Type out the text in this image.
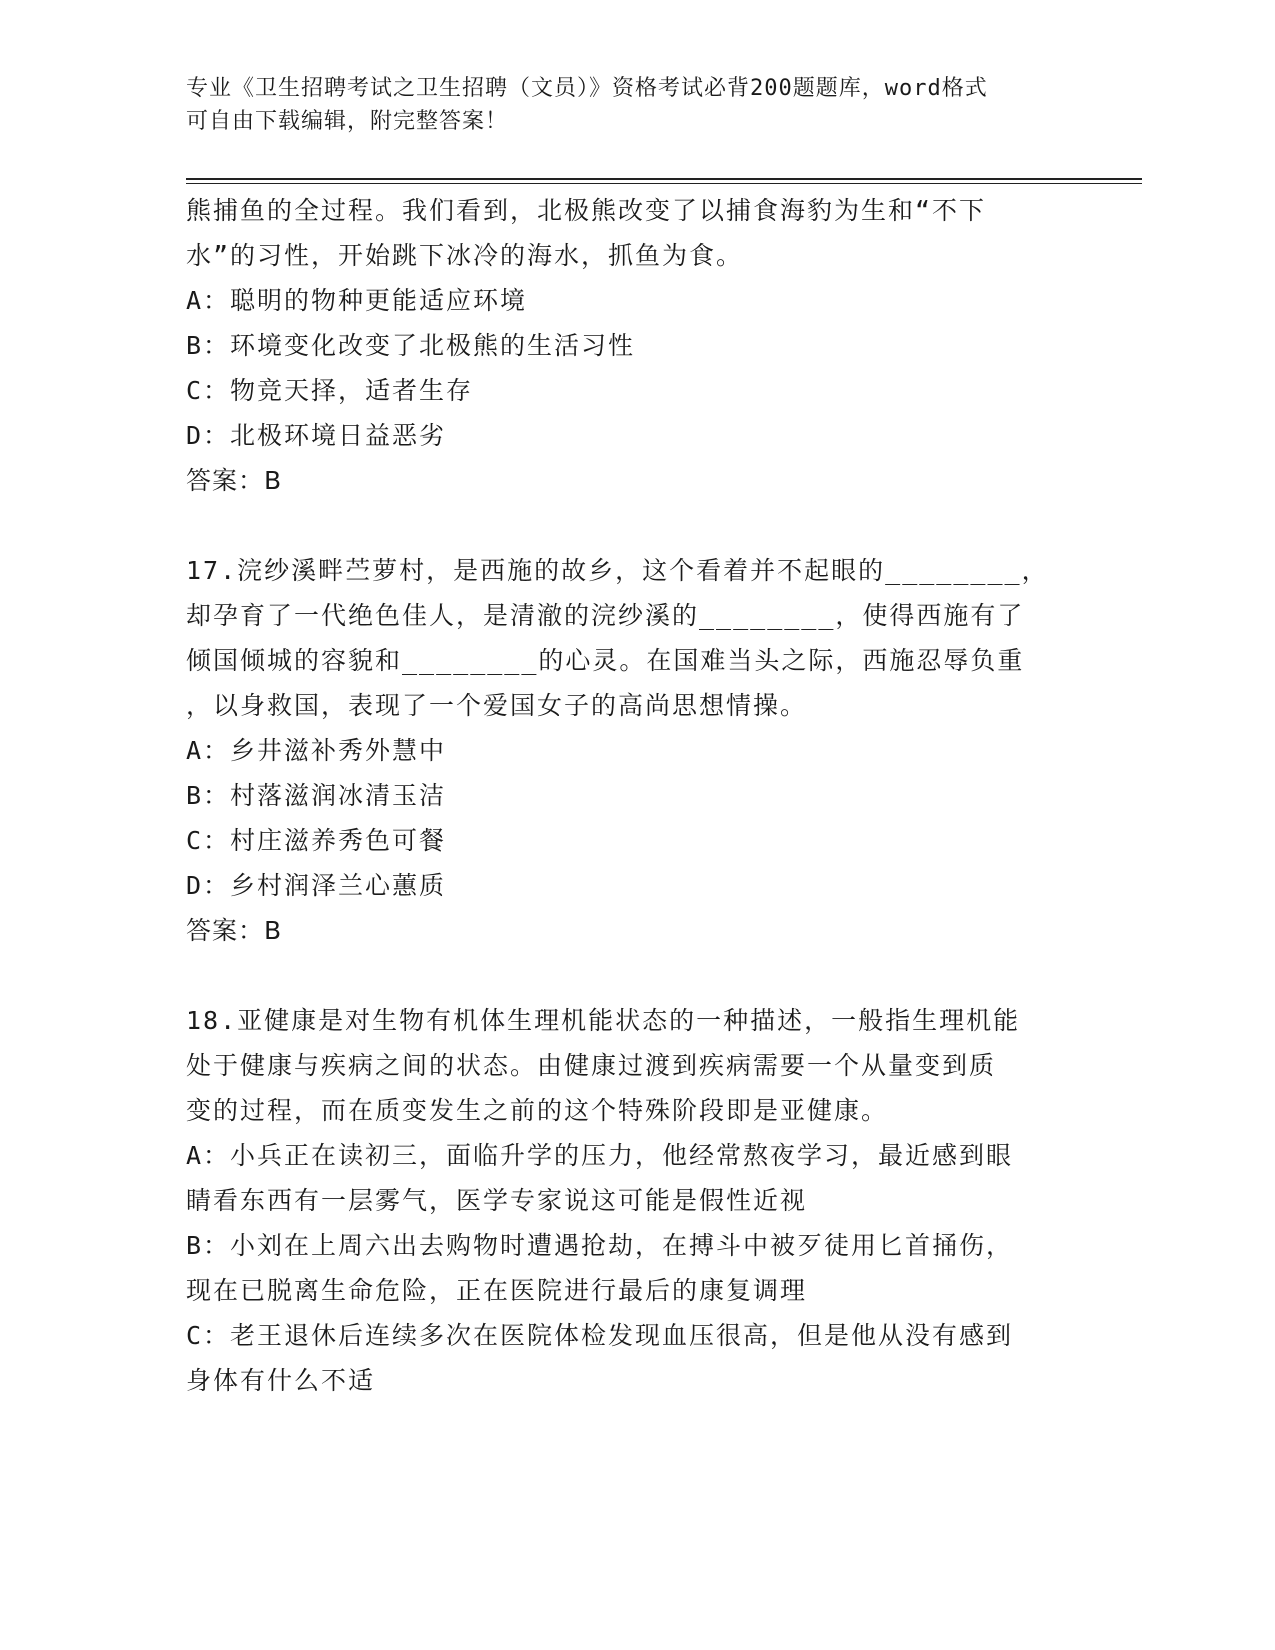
专业《卫生招聘考试之卫生招聘（文员）》资格考试必背200题题库，word格式
可自由下载编辑，附完整答案！
熊捕鱼的全过程。我们看到，北极熊改变了以捕食海豹为生和“不下
水”的习性，开始跳下冰冷的海水，抓鱼为食。
A：聪明的物种更能适应环境
B：环境变化改变了北极熊的生活习性
C：物竞天择，适者生存
D：北极环境日益恶劣
答案：B
17.浣纱溪畔苎萝村，是西施的故乡，这个看着并不起眼的________，
却孕育了一代绝色佳人，是清澈的浣纱溪的________，使得西施有了
倾国倾城的容貌和________的心灵。在国难当头之际，西施忍辱负重
，以身救国，表现了一个爱国女子的高尚思想情操。
A：乡井滋补秀外慧中
B：村落滋润冰清玉洁
C：村庄滋养秀色可餐
D：乡村润泽兰心蕙质
答案：B
18.亚健康是对生物有机体生理机能状态的一种描述，一般指生理机能
处于健康与疾病之间的状态。由健康过渡到疾病需要一个从量变到质
变的过程，而在质变发生之前的这个特殊阶段即是亚健康。
A：小兵正在读初三，面临升学的压力，他经常熬夜学习，最近感到眼
睛看东西有一层雾气，医学专家说这可能是假性近视
B：小刘在上周六出去购物时遭遇抢劫，在搏斗中被歹徒用匕首捅伤，
现在已脱离生命危险，正在医院进行最后的康复调理
C：老王退休后连续多次在医院体检发现血压很高，但是他从没有感到
身体有什么不适
